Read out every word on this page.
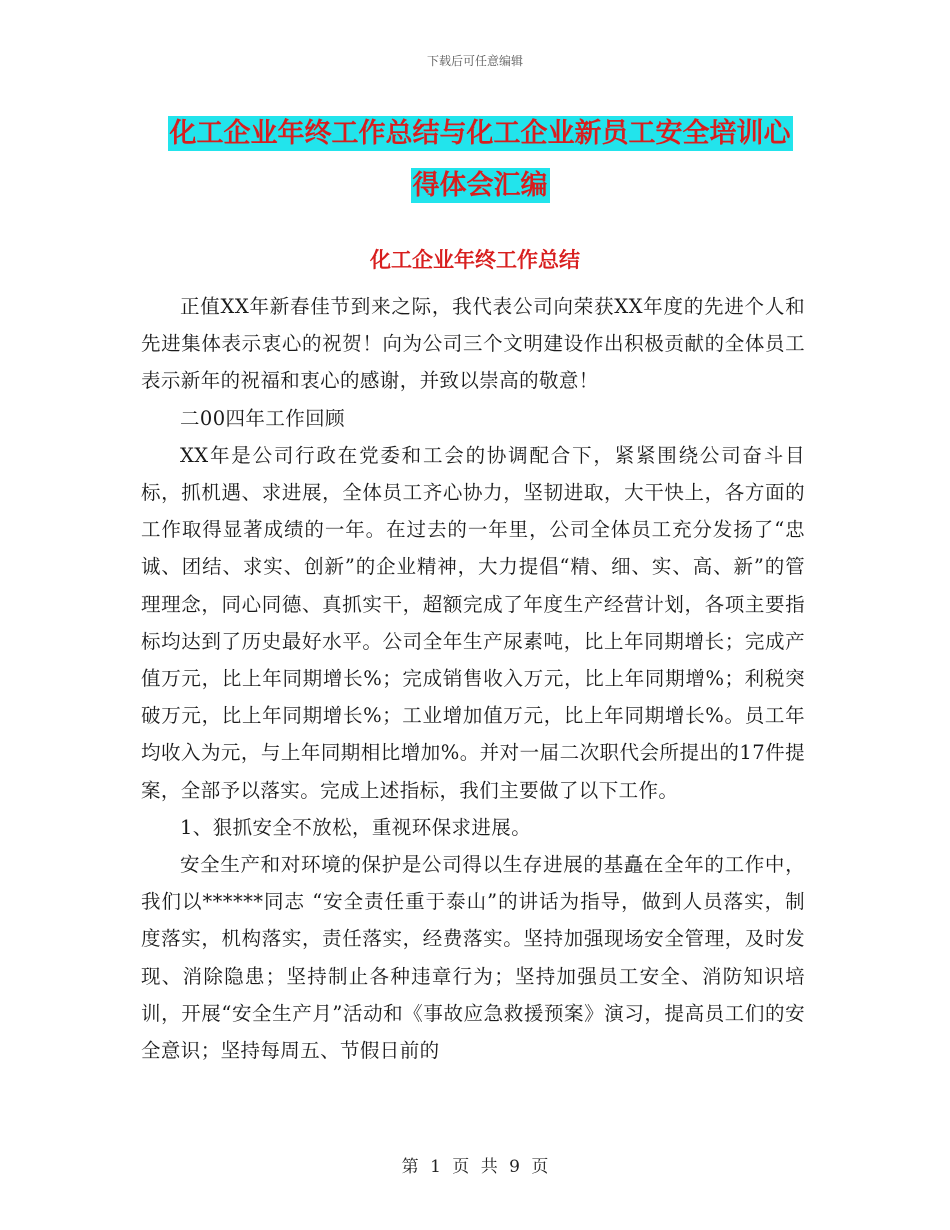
下载后可任意编辑
化工企业年终工作总结与化工企业新员工安全培训心
得体会汇编
化工企业年终工作总结

正值XX年新春佳节到来之际，我代表公司向荣获XX年度的先进个人和先进集体表示衷心的祝贺！向为公司三个文明建设作出积极贡献的全体员工表示新年的祝福和衷心的感谢，并致以崇高的敬意！

二00四年工作回顾

XX年是公司行政在党委和工会的协调配合下，紧紧围绕公司奋斗目标，抓机遇、求进展，全体员工齐心协力，坚韧进取，大干快上，各方面的工作取得显著成绩的一年。在过去的一年里，公司全体员工充分发扬了“忠诚、团结、求实、创新”的企业精神，大力提倡“精、细、实、高、新”的管理理念，同心同德、真抓实干，超额完成了年度生产经营计划，各项主要指标均达到了历史最好水平。公司全年生产尿素吨，比上年同期增长；完成产值万元，比上年同期增长%；完成销售收入万元，比上年同期增%；利税突破万元，比上年同期增长%；工业增加值万元，比上年同期增长%。员工年均收入为元，与上年同期相比增加%。并对一届二次职代会所提出的17件提案，全部予以落实。完成上述指标，我们主要做了以下工作。

1、狠抓安全不放松，重视环保求进展。

安全生产和对环境的保护是公司得以生存进展的基矗在全年的工作中，我们以******同志 “安全责任重于泰山”的讲话为指导，做到人员落实，制度落实，机构落实，责任落实，经费落实。坚持加强现场安全管理，及时发现、消除隐患；坚持制止各种违章行为；坚持加强员工安全、消防知识培训，开展“安全生产月”活动和《事故应急救援预案》演习，提高员工们的安全意识；坚持每周五、节假日前的

第 1 页 共 9 页
